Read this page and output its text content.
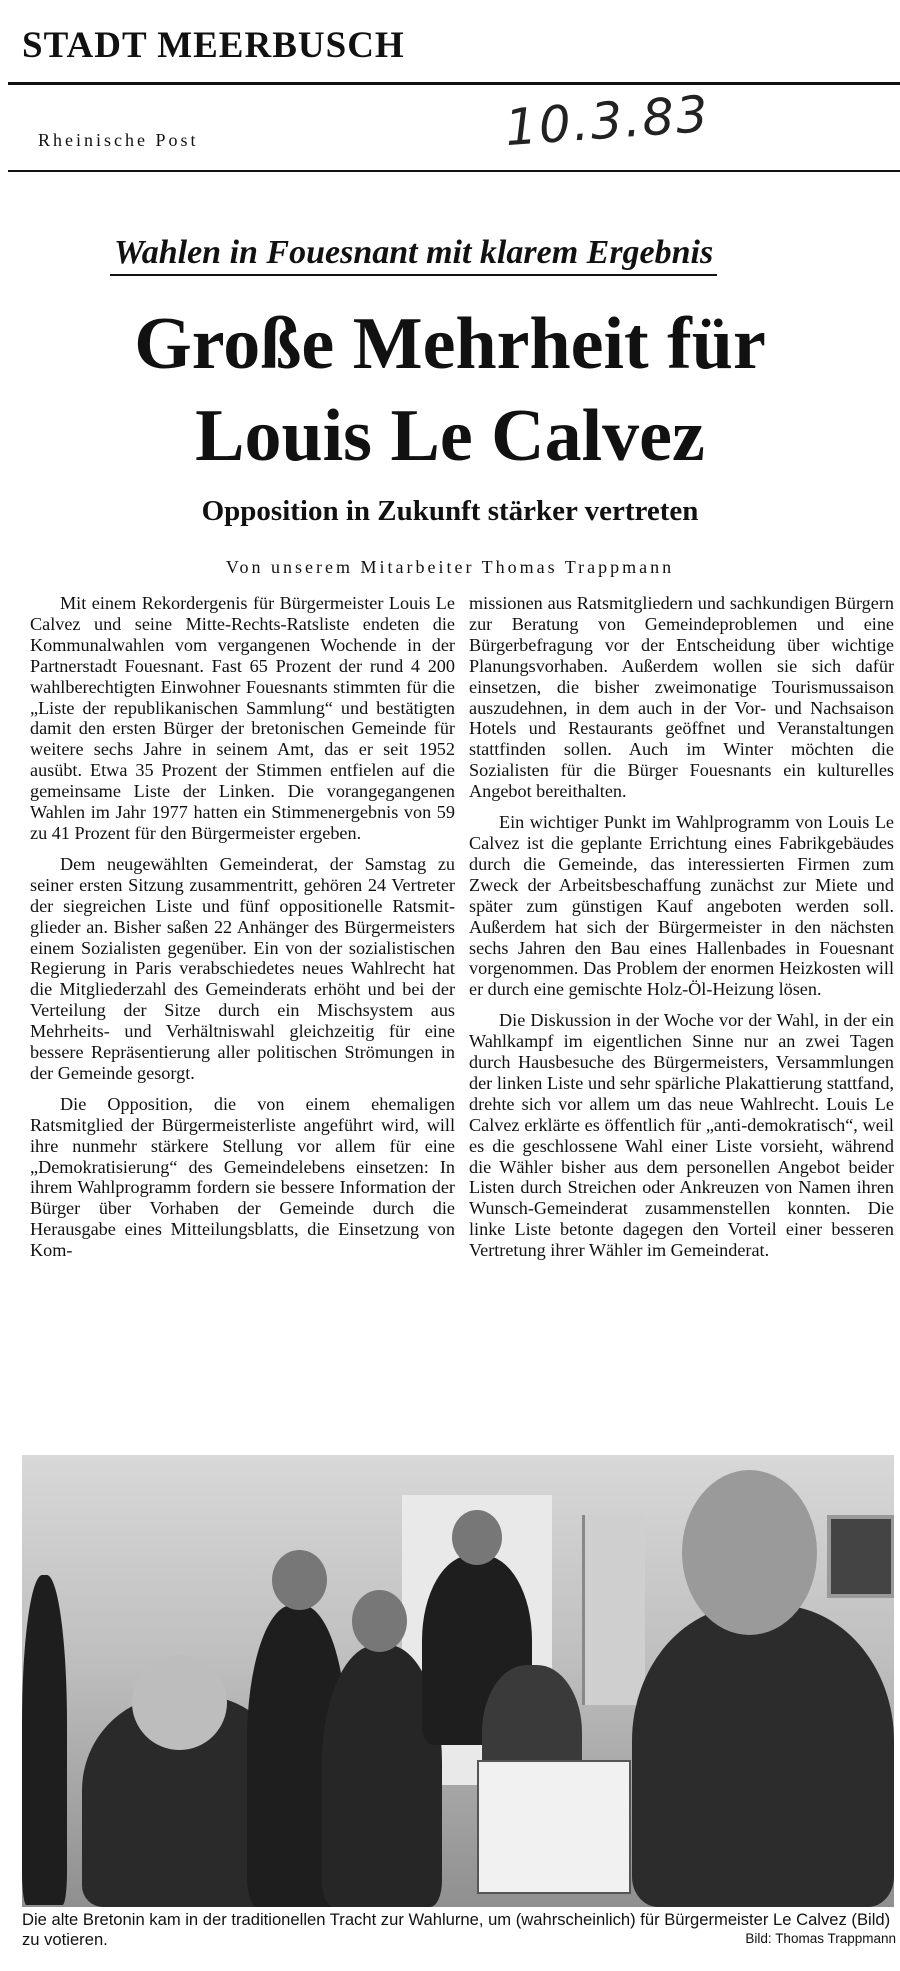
STADT MEERBUSCH
Rheinische Post	10.3.83
Wahlen in Fouesnant mit klarem Ergebnis
Große Mehrheit für
Louis Le Calvez
Opposition in Zukunft stärker vertreten
Von unserem Mitarbeiter Thomas Trappmann

Mit einem Rekordergenis für Bürgermeister Louis Le Calvez und seine Mitte-Rechts-Ratsliste endeten die Kommunalwahlen vom vergangenen Wochende in der Partnerstadt Fouesnant. Fast 65 Prozent der rund 4 200 wahlberechtigten Einwohner Fouesnants stimmten für die „Liste der republikanischen Sammlung“ und bestätigten damit den ersten Bürger der bretonischen Gemeinde für weitere sechs Jahre in seinem Amt, das er seit 1952 ausübt. Etwa 35 Prozent der Stimmen entfielen auf die gemeinsame Liste der Linken. Die vorangegangenen Wahlen im Jahr 1977 hatten ein Stimmenergebnis von 59 zu 41 Prozent für den Bürgermeister ergeben.

Dem neugewählten Gemeinderat, der Samstag zu seiner ersten Sitzung zusammentritt, gehören 24 Vertreter der siegreichen Liste und fünf oppositionelle Ratsmitglieder an. Bisher saßen 22 Anhänger des Bürgermeisters einem Sozialisten gegenüber. Ein von der sozialistischen Regierung in Paris verabschiedetes neues Wahlrecht hat die Mitgliederzahl des Gemeinderats erhöht und bei der Verteilung der Sitze durch ein Mischsystem aus Mehrheits- und Verhältniswahl gleichzeitig für eine bessere Repräsentierung aller politischen Strömungen in der Gemeinde gesorgt.

Die Opposition, die von einem ehemaligen Ratsmitglied der Bürgermeisterliste angeführt wird, will ihre nunmehr stärkere Stellung vor allem für eine „Demokratisierung“ des Gemeindelebens einsetzen: In ihrem Wahlprogramm fordern sie bessere Information der Bürger über Vorhaben der Gemeinde durch die Herausgabe eines Mitteilungsblatts, die Einsetzung von Kom-

missionen aus Ratsmitgliedern und sachkundigen Bürgern zur Beratung von Gemeindeproblemen und eine Bürgerbefragung vor der Entscheidung über wichtige Planungsvorhaben. Außerdem wollen sie sich dafür einsetzen, die bisher zweimonatige Tourismussaison auszudehnen, in dem auch in der Vor- und Nachsaison Hotels und Restaurants geöffnet und Veranstaltungen stattfinden sollen. Auch im Winter möchten die Sozialisten für die Bürger Fouesnants ein kulturelles Angebot bereithalten.

Ein wichtiger Punkt im Wahlprogramm von Louis Le Calvez ist die geplante Errichtung eines Fabrikgebäudes durch die Gemeinde, das interessierten Firmen zum Zweck der Arbeitsbeschaffung zunächst zur Miete und später zum günstigen Kauf angeboten werden soll. Außerdem hat sich der Bürgermeister in den nächsten sechs Jahren den Bau eines Hallenbades in Fouesnant vorgenommen. Das Problem der enormen Heizkosten will er durch eine gemischte Holz-Öl-Heizung lösen.

Die Diskussion in der Woche vor der Wahl, in der ein Wahlkampf im eigentlichen Sinne nur an zwei Tagen durch Hausbesuche des Bürgermeisters, Versammlungen der linken Liste und sehr spärliche Plakattierung stattfand, drehte sich vor allem um das neue Wahlrecht. Louis Le Calvez erklärte es öffentlich für „anti-demokratisch“, weil es die geschlossene Wahl einer Liste vorsieht, während die Wähler bisher aus dem personellen Angebot beider Listen durch Streichen oder Ankreuzen von Namen ihren Wunsch-Gemeinderat zusammenstellen konnten. Die linke Liste betonte dagegen den Vorteil einer besseren Vertretung ihrer Wähler im Gemeinderat.

Die alte Bretonin kam in der traditionellen Tracht zur Wahlurne, um (wahrscheinlich) für Bürgermeister Le Calvez (Bild) zu votieren.	Bild: Thomas Trappmann
